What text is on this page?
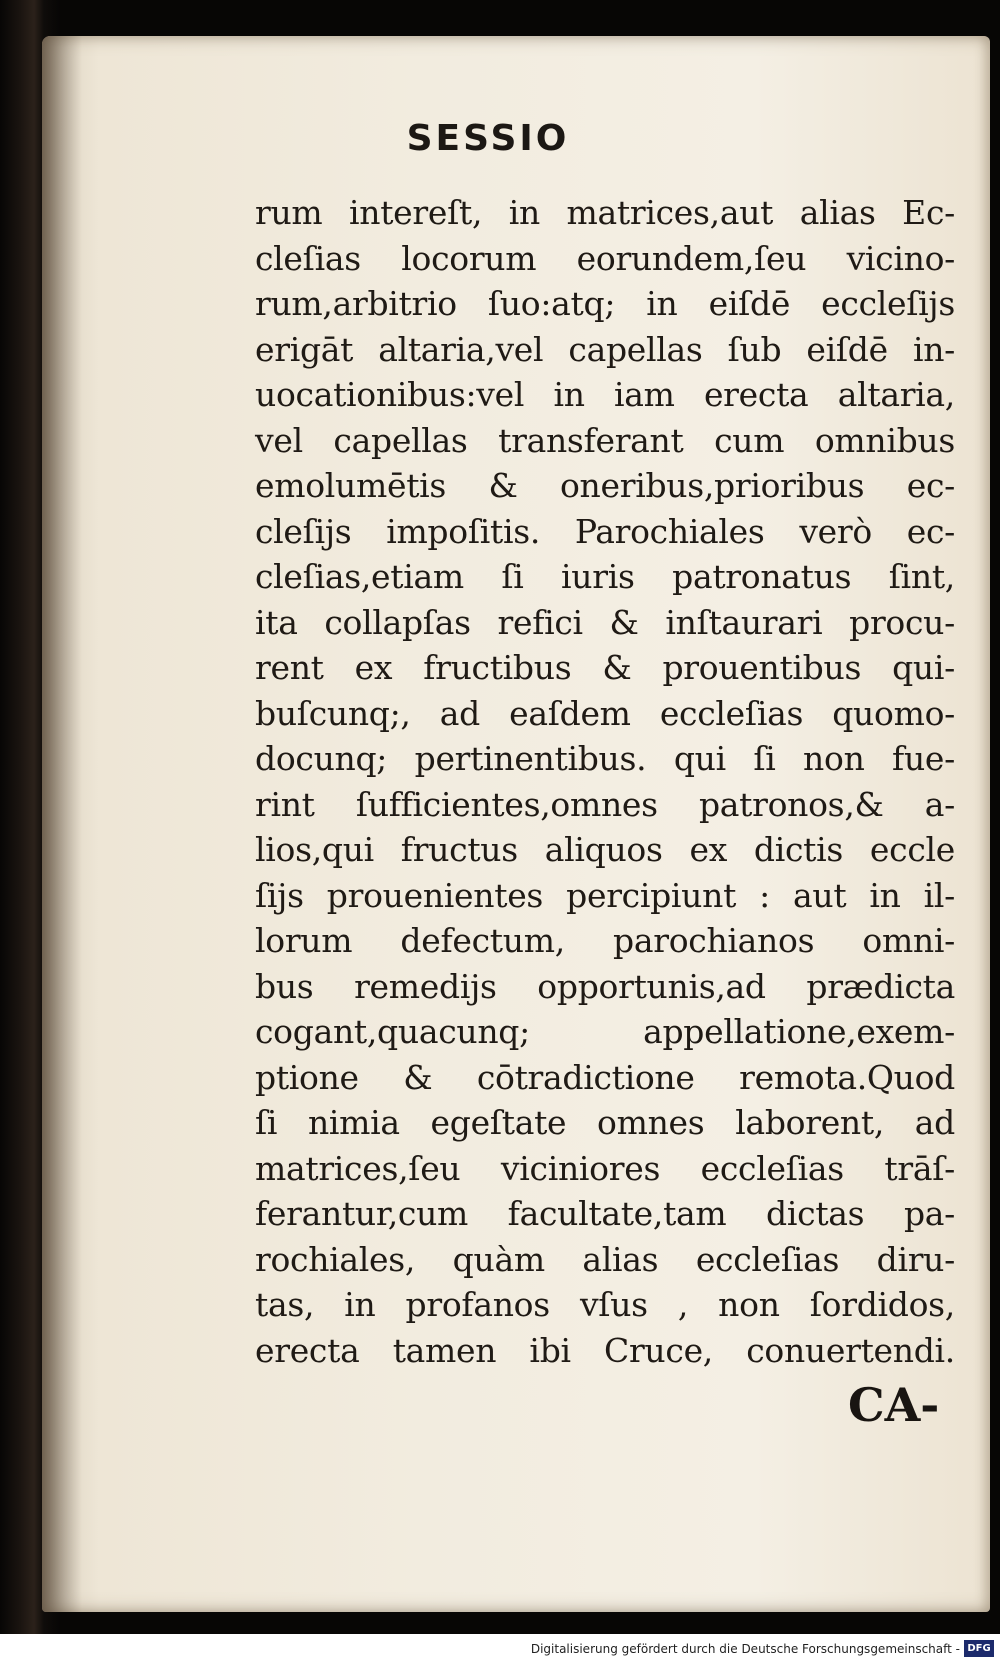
SESSIO
rum intereſt, in matrices,aut alias Ec-
cleſias locorum eorundem,ſeu vicino-
rum,arbitrio ſuo:atq; in eiſdē eccleſijs
erigāt altaria,vel capellas ſub eiſdē in-
uocationibus:vel in iam erecta altaria,
vel capellas transferant cum omnibus
emolumētis & oneribus,prioribus ec-
cleſijs impoſitis. Parochiales verò ec-
cleſias,etiam ſi iuris patronatus ſint,
ita collapſas refici & inſtaurari procu-
rent ex fructibus & prouentibus qui-
buſcunq;, ad eaſdem eccleſias quomo-
docunq; pertinentibus. qui ſi non fue-
rint ſufficientes,omnes patronos,& a-
lios,qui fructus aliquos ex dictis eccle
ſijs prouenientes percipiunt : aut in il-
lorum defectum, parochianos omni-
bus remedijs opportunis,ad prædicta
cogant,quacunq; appellatione,exem-
ptione & cōtradictione remota.Quod
ſi nimia egeſtate omnes laborent, ad
matrices,ſeu viciniores eccleſias trāſ-
ferantur,cum facultate,tam dictas pa-
rochiales, quàm alias eccleſias diru-
tas, in profanos vſus , non ſordidos,
erecta tamen ibi Cruce, conuertendi.
CA-
Digitalisierung gefördert durch die Deutsche Forschungsgemeinschaft - DFG
